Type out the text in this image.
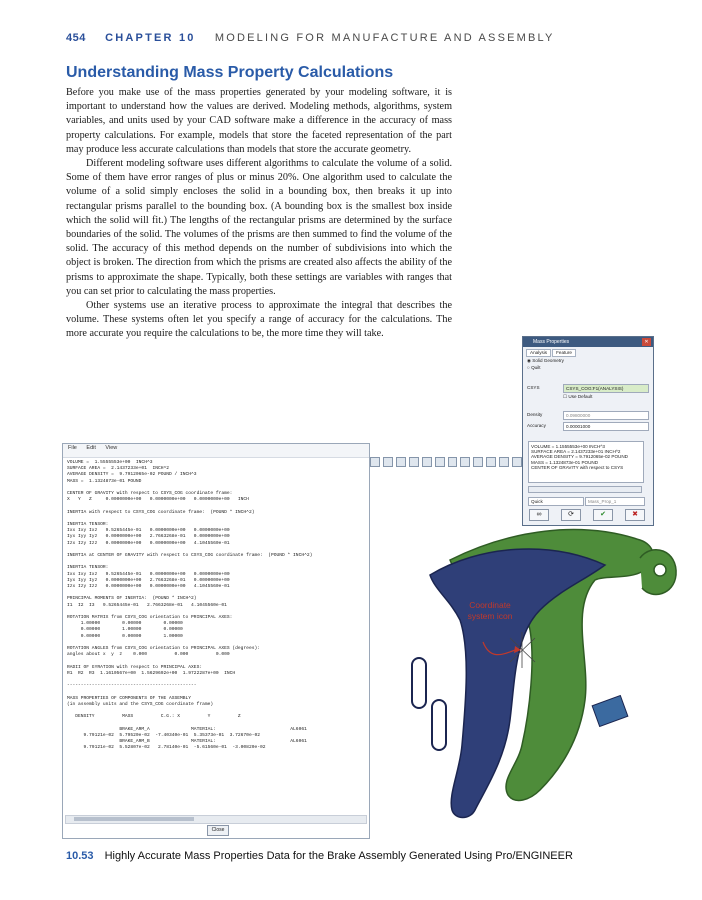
454 CHAPTER 10 MODELING FOR MANUFACTURE AND ASSEMBLY
Understanding Mass Property Calculations

Before you make use of the mass properties generated by your modeling software, it is important to understand how the values are derived. Modeling methods, algorithms, system variables, and units used by your CAD software make a difference in the accuracy of mass property calculations. For example, models that store the faceted representation of the part may produce less accurate calculations than models that store the accurate geometry.

Different modeling software uses different algorithms to calculate the volume of a solid. Some of them have error ranges of plus or minus 20%. One algorithm used to calculate the volume of a solid simply encloses the solid in a bounding box, then breaks it up into rectangular prisms parallel to the bounding box. (A bounding box is the smallest box inside which the solid will fit.) The lengths of the rectangular prisms are determined by the surface boundaries of the solid. The volumes of the prisms are then summed to find the volume of the solid. The accuracy of this method depends on the number of subdivisions into which the object is broken. The direction from which the prisms are created also affects the ability of the prisms to approximate the shape. Typically, both these settings are variables with ranges that you can set prior to calculating the mass properties.

Other systems use an iterative process to approximate the integral that describes the volume. These systems often let you specify a range of accuracy for the calculations. The more accurate you require the calculations to be, the more time they will take.

File Edit View
VOLUME =  1.5555553e+00  INCH^3
SURFACE AREA =  2.1437233e+01  INCH^2
AVERAGE DENSITY =  9.7912065e-02 POUND / INCH^3
MASS =  1.1324873e-01 POUND

CENTER OF GRAVITY with respect to CSYS_COG coordinate frame:
X   Y   Z     0.0000000e+00   0.0000000e+00   0.0000000e+00   INCH

INERTIA with respect to CSYS_COG coordinate frame:  (POUND * INCH^2)

INERTIA TENSOR:
Ixx Ixy Ixz   9.5265445e-01   0.0000000e+00   0.0000000e+00
Iyx Iyy Iyz   0.0000000e+00   2.7663268e-01   0.0000000e+00
Izx Izy Izz   0.0000000e+00   0.0000000e+00   4.1045560e-01

INERTIA at CENTER OF GRAVITY with respect to CSYS_COG coordinate frame:  (POUND * INCH^2)

INERTIA TENSOR:
Ixx Ixy Ixz   9.5265445e-01   0.0000000e+00   0.0000000e+00
Iyx Iyy Iyz   0.0000000e+00   2.7663268e-01   0.0000000e+00
Izx Izy Izz   0.0000000e+00   0.0000000e+00   4.1045560e-01

PRINCIPAL MOMENTS OF INERTIA:  (POUND * INCH^2)
I1  I2  I3   9.5265445e-01   2.7663268e-01   4.1045560e-01

ROTATION MATRIX from CSYS_COG orientation to PRINCIPAL AXES:
1.00000        0.00000        0.00000
0.00000        1.00000        0.00000
0.00000        0.00000        1.00000

ROTATION ANGLES from CSYS_COG orientation to PRINCIPAL AXES (degrees):
angles about x  y  z    0.000          0.000          0.000

RADII OF GYRATION with respect to PRINCIPAL AXES:
R1  R2  R3  1.1610567e+00  1.5629692e+00  1.9722287e+00  INCH

-----------------------------------------------

MASS PROPERTIES OF COMPONENTS OF THE ASSEMBLY
(in assembly units and the CSYS_COG coordinate frame)

DENSITY          MASS          C.G.: X          Y          Z

BRAKE_ARM_A               MATERIAL:                           AL6061
9.79121e-02  5.79520e-02  -7.40340e-01  5.35373e-01  3.72670e-02
BRAKE_ARM_B               MATERIAL:                           AL6061
9.79121e-02  5.52807e-02   2.78140e-01  -5.61560e-01  -3.00820e-02
Close
Mass Properties	✕
Analysis Feature
◉ Solid Geometry
○ Quilt
CSYS	CSYS_COG:F1(ANALYSIS)
☐ Use Default
Density	0.09800000
Accuracy	0.00001000
VOLUME = 1.1555553e+00 INCH^3
SURFACE AREA = 2.1437233e+01 INCH^2
AVERAGE DENSITY = 9.7912065e-02 POUND
MASS = 1.1324873e-01 POUND
CENTER OF GRAVITY with respect to CSYS
Quick	Mass_Prop_1
∞	⟳	✔	✖
Coordinate system icon
10.53 Highly Accurate Mass Properties Data for the Brake Assembly Generated Using Pro/ENGINEER
